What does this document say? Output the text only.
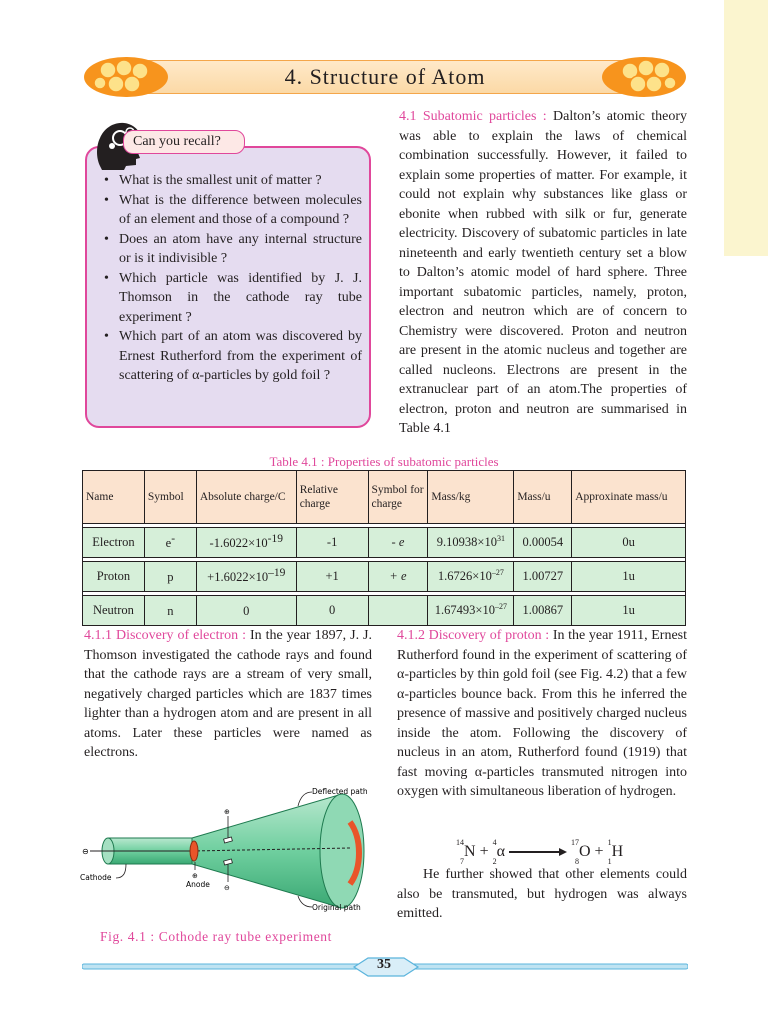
4. Structure of Atom
Can you recall?
• What is the smallest unit of matter ?
• What is the difference between molecules of an element and those of a compound ?
• Does an atom have any internal structure or is it indivisible ?
• Which particle was identified by J. J. Thomson in the cathode ray tube experiment ?
• Which part of an atom was discovered by Ernest Rutherford from the experiment of scattering of α-particles by gold foil ?

4.1 Subatomic particles : Dalton’s atomic theory was able to explain the laws of chemical combination successfully. However, it failed to explain some properties of matter. For example, it could not explain why substances like glass or ebonite when rubbed with silk or fur, generate electricity. Discovery of subatomic particles in late nineteenth and early twentieth century set a blow to Dalton’s atomic model of hard sphere. Three important subatomic particles, namely, proton, electron and neutron which are of concern to Chemistry were discovered. Proton and neutron are present in the atomic nucleus and together are called nucleons. Electrons are present in the extranuclear part of an atom.The properties of electron, proton and neutron are summarised in Table 4.1

Table 4.1 : Properties of subatomic particles
Name	Symbol	Absolute charge/C	Relative charge	Symbol for charge	Mass/kg	Mass/u	Approxinate mass/u

Electron	e-	$-1.6022\times 10^{-19}$	-1	- e	$9.10938\times 10^{31}$	0.00054	0u

Proton	p	$+1.6022\times 10^{-19}$	+1	+ e	$1.6726\times 10^{-27}$	1.00727	1u

Neutron	n	0	0		$1.67493\times 10^{-27}$	1.00867	1u

4.1.1 Discovery of electron : In the year 1897, J. J. Thomson investigated the cathode rays and found that the cathode rays are a stream of very small, negatively charged particles which are 1837 times lighter than a hydrogen atom and are present in all atoms. Later these particles were named as electrons.

4.1.2 Discovery of proton : In the year 1911, Ernest Rutherford found in the experiment of scattering of α-particles by thin gold foil (see Fig. 4.2) that a few α-particles bounce back. From this he inferred the presence of massive and positively charged nucleus inside the atom. Following the discovery of nucleus in an atom, Rutherford found (1919) that fast moving α-particles transmuted nitrogen into oxygen with simultaneous liberation of hydrogen.

$^{14}$
$_7$N + $^4$
$_2$α → $^{17}$
$_8$O + $^1$
$_1$H

He further showed that other elements could also be transmuted, but hydrogen was always emitted.

⊖
⊕
⊖
⊕
Deflected path
Cathode
Anode
Original path
Fig. 4.1 : Cothode ray tube experiment
35
